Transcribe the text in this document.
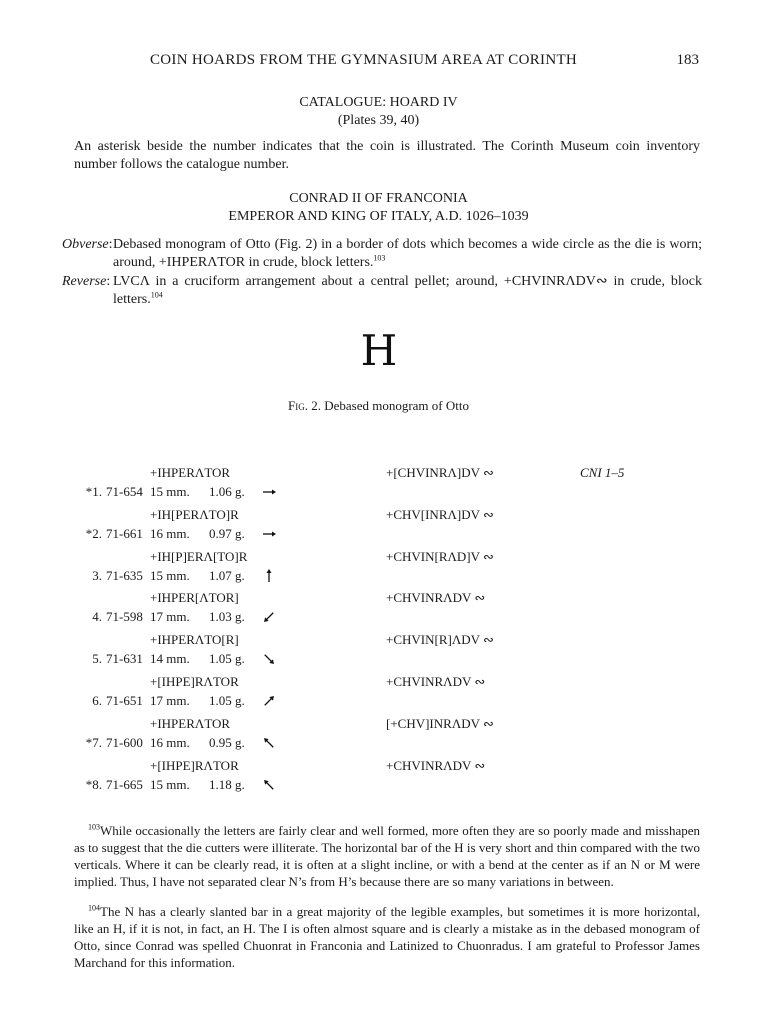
COIN HOARDS FROM THE GYMNASIUM AREA AT CORINTH	183
CATALOGUE: HOARD IV
(Plates 39, 40)
An asterisk beside the number indicates that the coin is illustrated. The Corinth Museum coin inventory number follows the catalogue number.
CONRAD II OF FRANCONIA
EMPEROR AND KING OF ITALY, A.D. 1026–1039
Obverse: Debased monogram of Otto (Fig. 2) in a border of dots which becomes a wide circle as the die is worn; around, +IHPERΛTOR in crude, block letters.$^{103}$
Reverse: LVCΛ in a cruciform arrangement about a central pellet; around, +CHVINRΛDV∾ in crude, block letters.$^{104}$
H
Fig. 2. Debased monogram of Otto
+IHPERΛTOR	+[CHVINRΛ]DV ∾	CNI 1–5
*1. 71-654 15 mm. 1.06 g.
+IH[PERΛTO]R	+CHV[INRΛ]DV ∾
*2. 71-661 16 mm. 0.97 g.
+IH[P]ERΛ[TO]R	+CHVIN[RΛD]V ∾
3. 71-635 15 mm. 1.07 g.
+IHPER[ΛTOR]	+CHVINRΛDV ∾
4. 71-598 17 mm. 1.03 g.
+IHPERΛTO[R]	+CHVIN[R]ΛDV ∾
5. 71-631 14 mm. 1.05 g.
+[IHPE]RΛTOR	+CHVINRΛDV ∾
6. 71-651 17 mm. 1.05 g.
+IHPERΛTOR	[+CHV]INRΛDV ∾
*7. 71-600 16 mm. 0.95 g.
+[IHPE]RΛTOR	+CHVINRΛDV ∾
*8. 71-665 15 mm. 1.18 g.
$^{103}$While occasionally the letters are fairly clear and well formed, more often they are so poorly made and misshapen as to suggest that the die cutters were illiterate. The horizontal bar of the H is very short and thin compared with the two verticals. Where it can be clearly read, it is often at a slight incline, or with a bend at the center as if an N or M were implied. Thus, I have not separated clear N’s from H’s because there are so many variations in between.
$^{104}$The N has a clearly slanted bar in a great majority of the legible examples, but sometimes it is more horizontal, like an H, if it is not, in fact, an H. The I is often almost square and is clearly a mistake as in the debased monogram of Otto, since Conrad was spelled Chuonrat in Franconia and Latinized to Chuonradus. I am grateful to Professor James Marchand for this information.
